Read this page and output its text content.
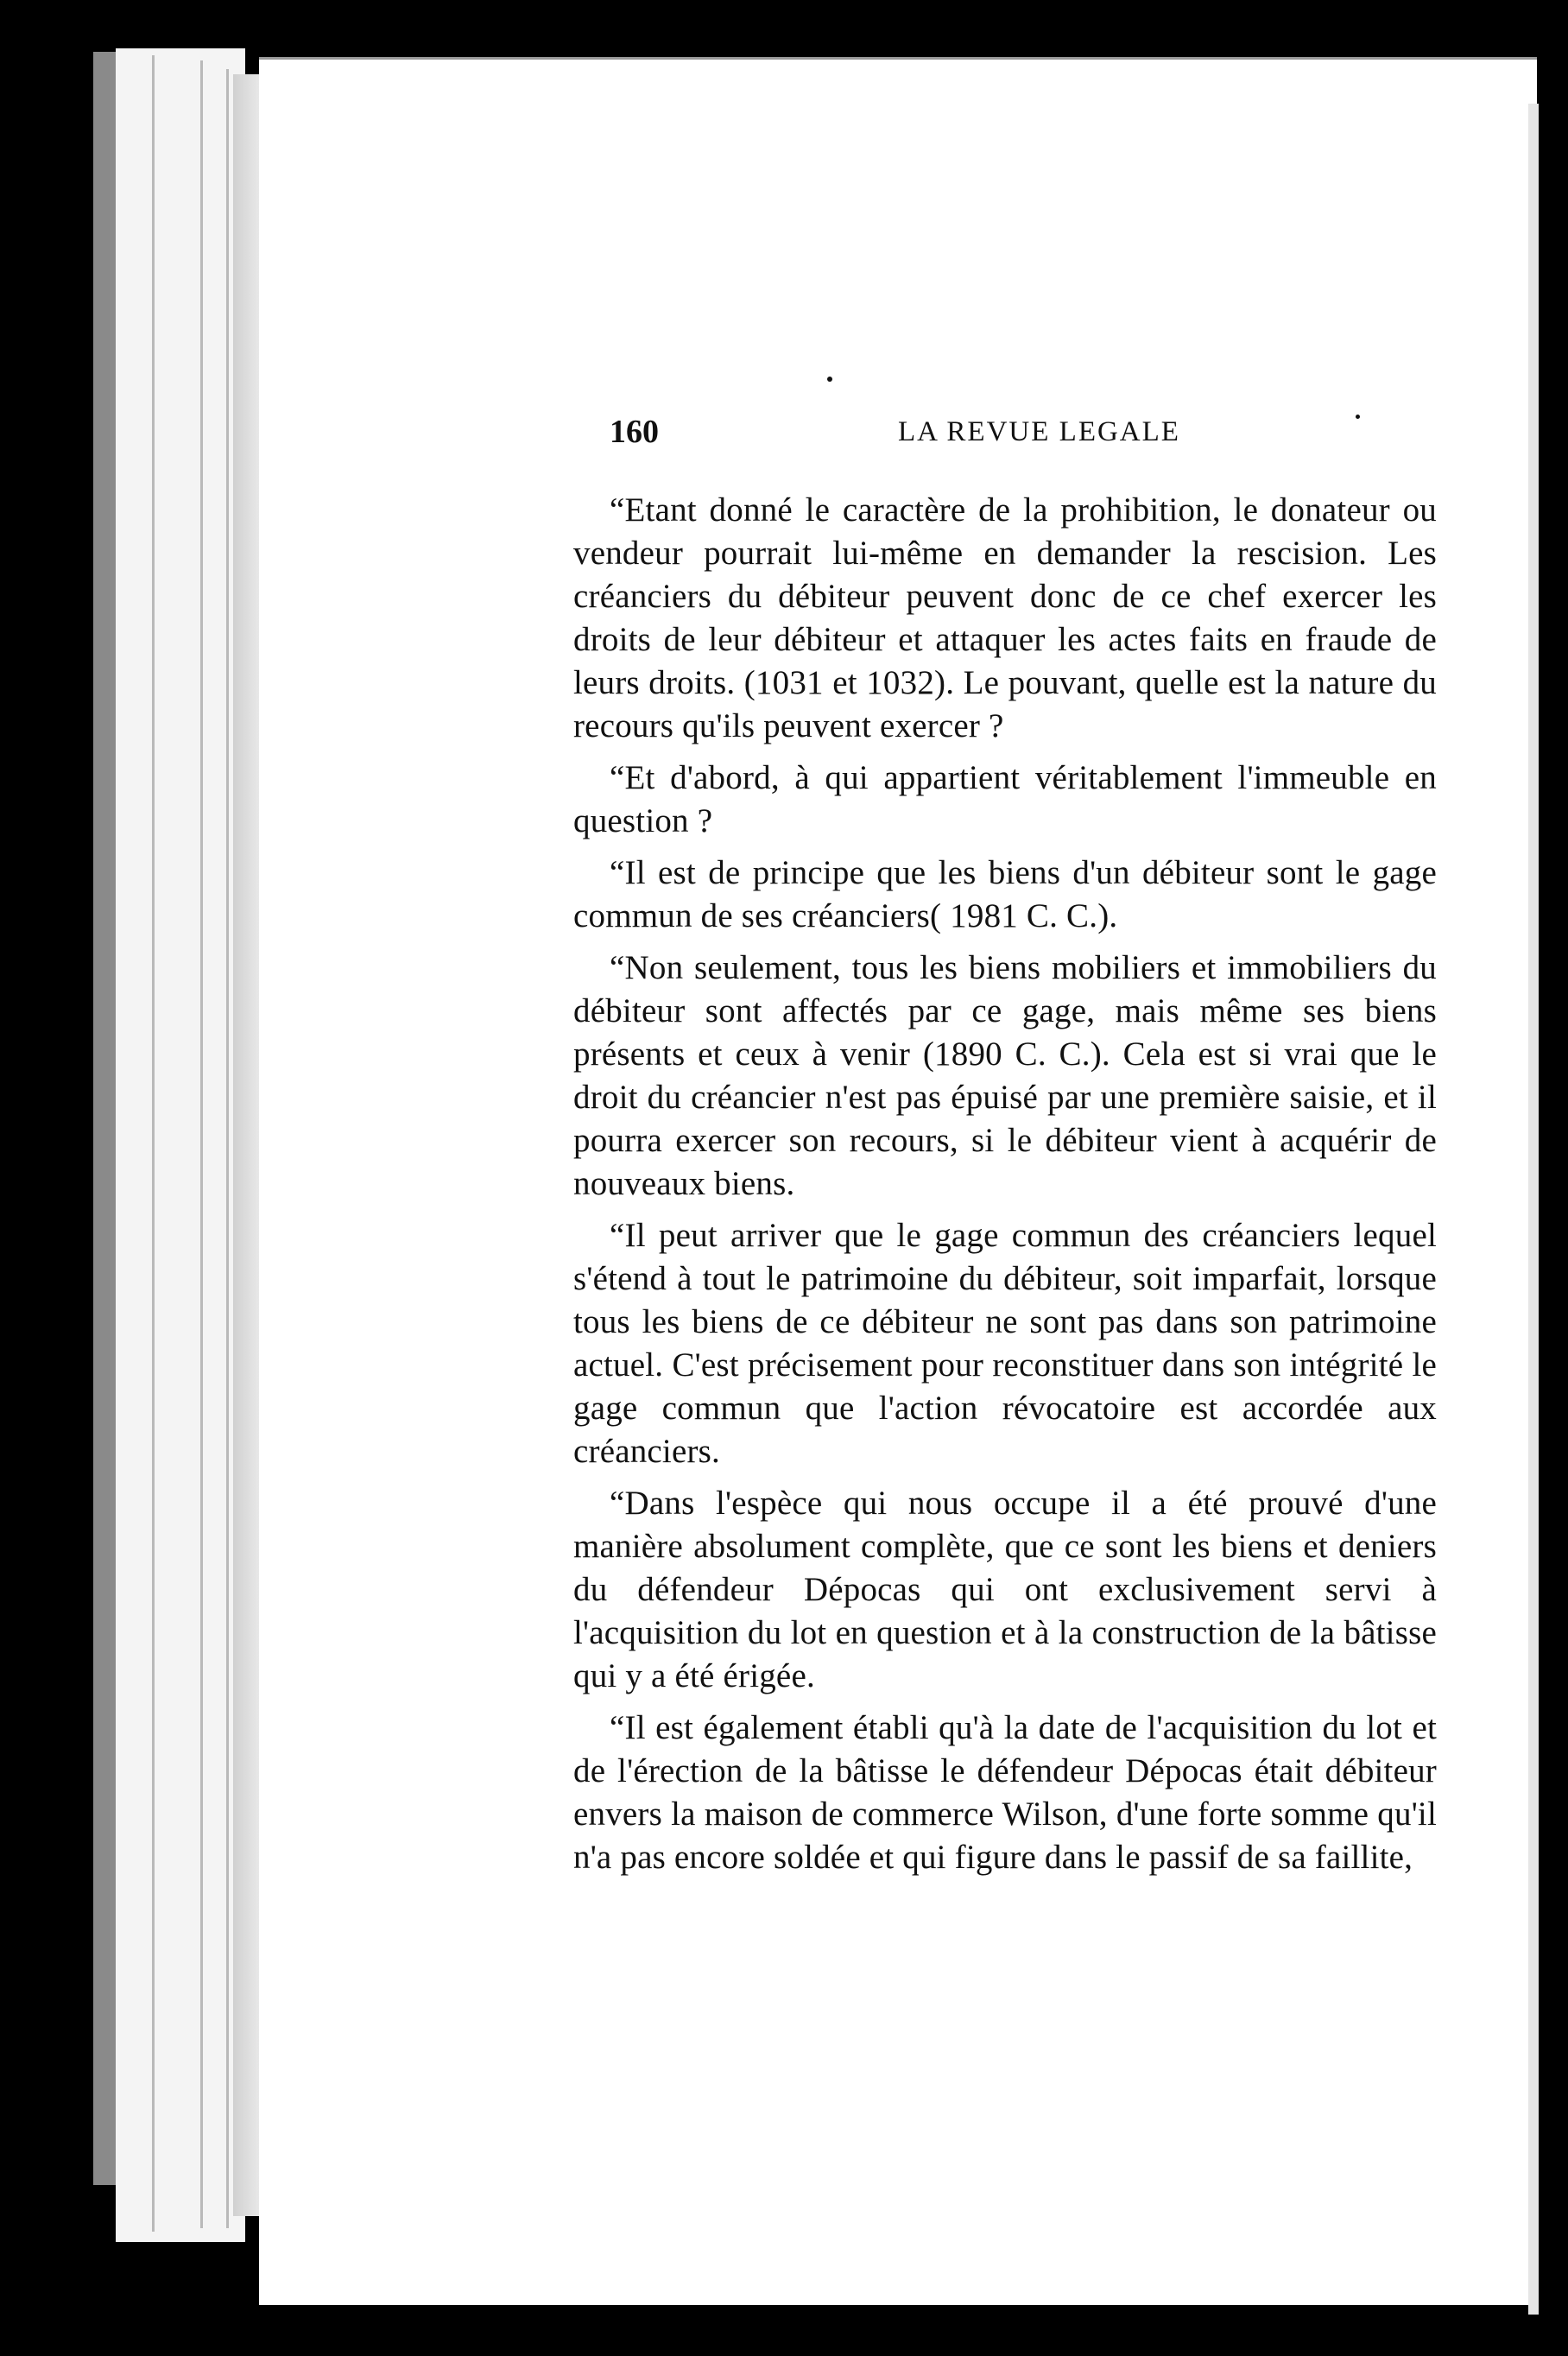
160	LA REVUE LEGALE

“Etant donné le caractère de la prohibition, le donateur ou vendeur pourrait lui-même en demander la rescision. Les créanciers du débiteur peuvent donc de ce chef exercer les droits de leur débiteur et attaquer les actes faits en fraude de leurs droits. (1031 et 1032). Le pouvant, quelle est la nature du recours qu'ils peuvent exercer ?

“Et d'abord, à qui appartient véritablement l'immeuble en question ?

“Il est de principe que les biens d'un débiteur sont le gage commun de ses créanciers( 1981 C. C.).

“Non seulement, tous les biens mobiliers et immobiliers du débiteur sont affectés par ce gage, mais même ses biens présents et ceux à venir (1890 C. C.). Cela est si vrai que le droit du créancier n'est pas épuisé par une première saisie, et il pourra exercer son recours, si le débiteur vient à acquérir de nouveaux biens.

“Il peut arriver que le gage commun des créanciers lequel s'étend à tout le patrimoine du débiteur, soit imparfait, lorsque tous les biens de ce débiteur ne sont pas dans son patrimoine actuel. C'est précisement pour reconstituer dans son intégrité le gage commun que l'action révocatoire est accordée aux créanciers.

“Dans l'espèce qui nous occupe il a été prouvé d'une manière absolument complète, que ce sont les biens et deniers du défendeur Dépocas qui ont exclusivement servi à l'acquisition du lot en question et à la construction de la bâtisse qui y a été érigée.

“Il est également établi qu'à la date de l'acquisition du lot et de l'érection de la bâtisse le défendeur Dépocas était débiteur envers la maison de commerce Wilson, d'une forte somme qu'il n'a pas encore soldée et qui figure dans le passif de sa faillite,
